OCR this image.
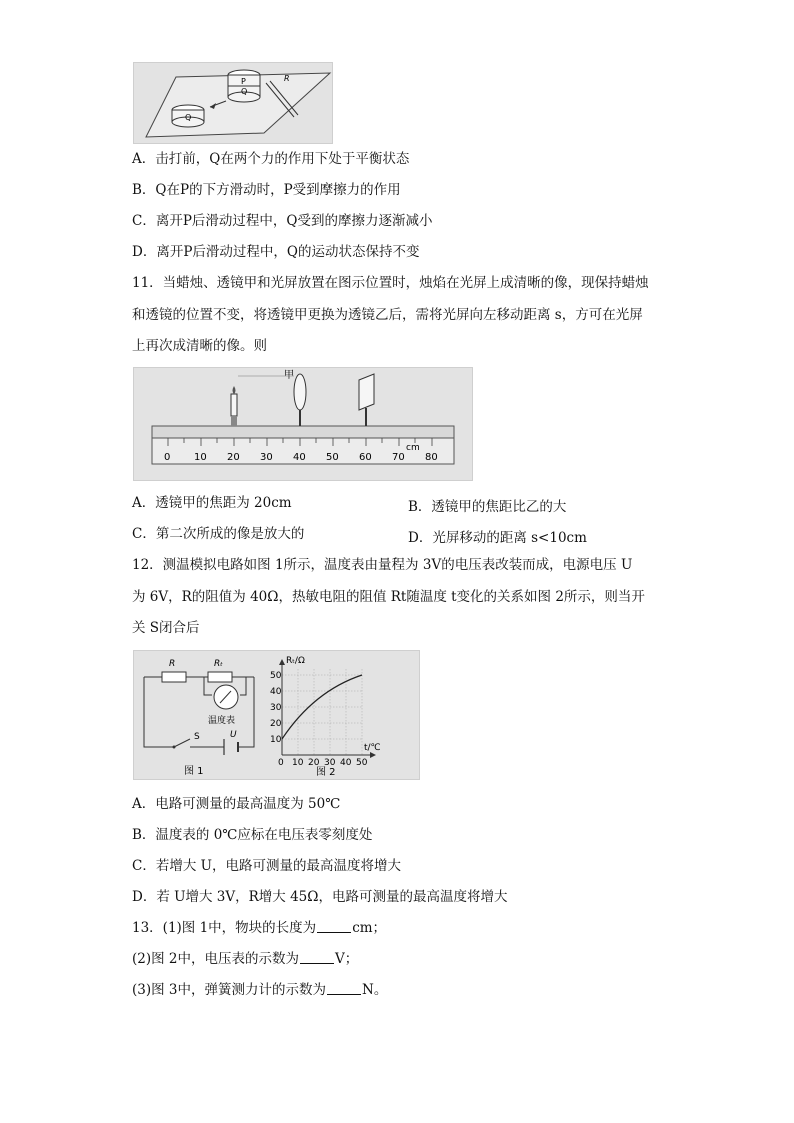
P
Q
Q
R
A．击打前，Q在两个力的作用下处于平衡状态
B．Q在P的下方滑动时，P受到摩擦力的作用
C．离开P后滑动过程中，Q受到的摩擦力逐渐减小
D．离开P后滑动过程中，Q的运动状态保持不变
11．当蜡烛、透镜甲和光屏放置在图示位置时，烛焰在光屏上成清晰的像，现保持蜡烛
和透镜的位置不变，将透镜甲更换为透镜乙后，需将光屏向左移动距离 s，方可在光屏
上再次成清晰的像。则
0 10 20 30 40 50 60 70 80
cm
甲
A．透镜甲的焦距为 20cm	B．透镜甲的焦距比乙的大
C．第二次所成的像是放大的	D．光屏移动的距离 s<10cm
12．测温模拟电路如图 1所示，温度表由量程为 3V的电压表改装而成，电源电压 U
为 6V，R的阻值为 40Ω，热敏电阻的阻值 Rt随温度 t变化的关系如图 2所示，则当开
关 S闭合后
R	Rₜ
温度表
S	U
图 1
Rₜ/Ω
t/℃
10
20
30
40
50
0 10 20 30 40 50
图 2
A．电路可测量的最高温度为 50℃
B．温度表的 0℃应标在电压表零刻度处
C．若增大 U，电路可测量的最高温度将增大
D．若 U增大 3V，R增大 45Ω，电路可测量的最高温度将增大
13．(1)图 1中，物块的长度为	cm；
(2)图 2中，电压表的示数为	V；
(3)图 3中，弹簧测力计的示数为	N。
